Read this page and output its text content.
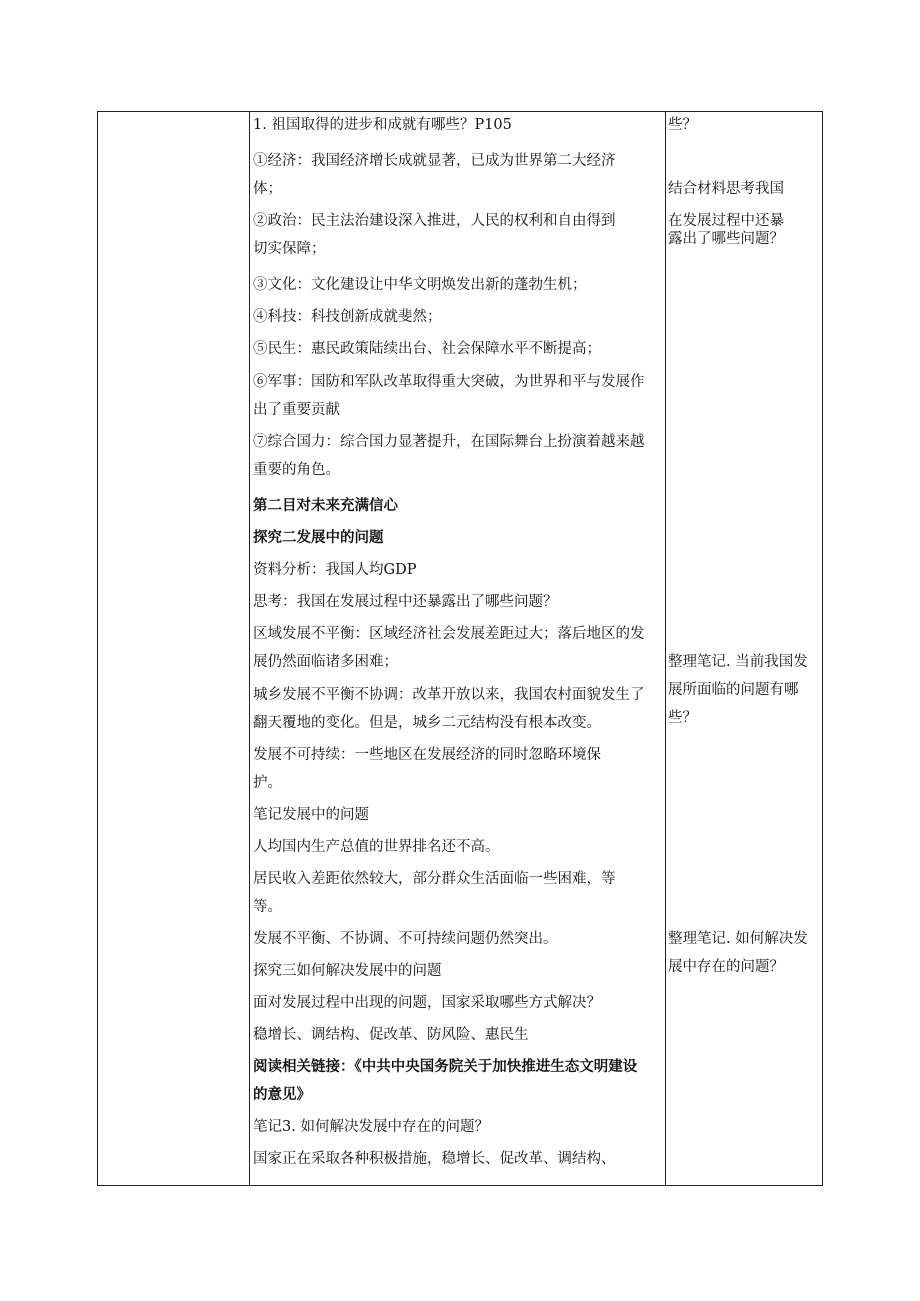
1. 祖国取得的进步和成就有哪些？P105
①经济：我国经济增长成就显著，已成为世界第二大经济
体；
②政治：民主法治建设深入推进，人民的权利和自由得到
切实保障；
③文化：文化建设让中华文明焕发出新的蓬勃生机；
④科技：科技创新成就斐然；
⑤民生：惠民政策陆续出台、社会保障水平不断提高；
⑥军事：国防和军队改革取得重大突破，为世界和平与发展作
出了重要贡献
⑦综合国力：综合国力显著提升，在国际舞台上扮演着越来越
重要的角色。
第二目对未来充满信心
探究二发展中的问题
资料分析：我国人均GDP
思考：我国在发展过程中还暴露出了哪些问题？
区域发展不平衡：区域经济社会发展差距过大；落后地区的发
展仍然面临诸多困难；
城乡发展不平衡不协调：改革开放以来，我国农村面貌发生了
翻天覆地的变化。但是，城乡二元结构没有根本改变。
发展不可持续：一些地区在发展经济的同时忽略环境保
护。
笔记发展中的问题
人均国内生产总值的世界排名还不高。
居民收入差距依然较大，部分群众生活面临一些困难，等
等。
发展不平衡、不协调、不可持续问题仍然突出。
探究三如何解决发展中的问题
面对发展过程中出现的问题，国家采取哪些方式解决？
稳增长、调结构、促改革、防风险、惠民生
阅读相关链接：《中共中央国务院关于加快推进生态文明建设
的意见》
笔记3. 如何解决发展中存在的问题？
国家正在采取各种积极措施，稳增长、促改革、调结构、
些？
结合材料思考我国
在发展过程中还暴
露出了哪些问题？
整理笔记. 当前我国发
展所面临的问题有哪
些？
整理笔记. 如何解决发
展中存在的问题？
